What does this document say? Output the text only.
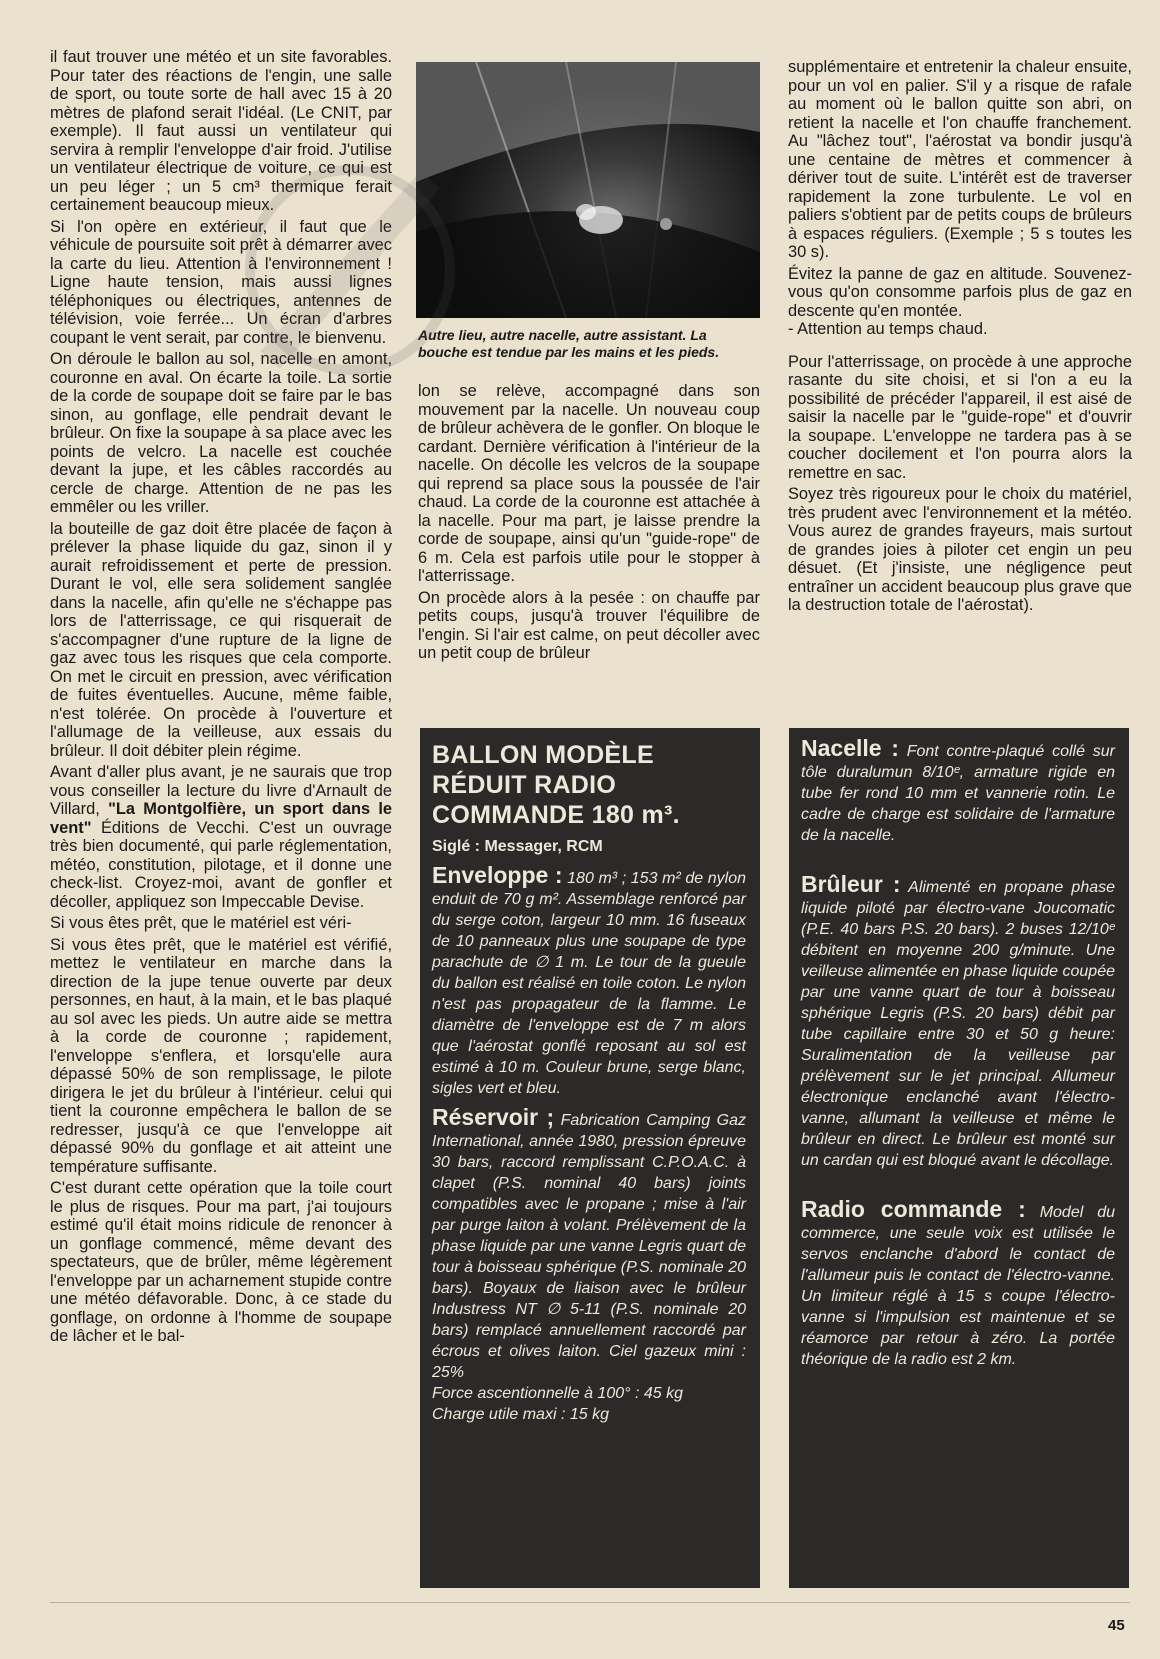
il faut trouver une météo et un site favorables. Pour tater des réactions de l'engin, une salle de sport, ou toute sorte de hall avec 15 à 20 mètres de plafond serait l'idéal. (Le CNIT, par exemple). Il faut aussi un ventilateur qui servira à remplir l'enveloppe d'air froid. J'utilise un ventilateur électrique de voiture, ce qui est un peu léger ; un 5 cm³ thermique ferait certainement beaucoup mieux.

Si l'on opère en extérieur, il faut que le véhicule de poursuite soit prêt à démarrer avec la carte du lieu. Attention à l'environnement ! Ligne haute tension, mais aussi lignes téléphoniques ou électriques, antennes de télévision, voie ferrée... Un écran d'arbres coupant le vent serait, par contre, le bienvenu.

On déroule le ballon au sol, nacelle en amont, couronne en aval. On écarte la toile. La sortie de la corde de soupape doit se faire par le bas sinon, au gonflage, elle pendrait devant le brûleur. On fixe la soupape à sa place avec les points de velcro. La nacelle est couchée devant la jupe, et les câbles raccordés au cercle de charge. Attention de ne pas les emmêler ou les vriller.

la bouteille de gaz doit être placée de façon à prélever la phase liquide du gaz, sinon il y aurait refroidissement et perte de pression. Durant le vol, elle sera solidement sanglée dans la nacelle, afin qu'elle ne s'échappe pas lors de l'atterrissage, ce qui risquerait de s'accompagner d'une rupture de la ligne de gaz avec tous les risques que cela comporte. On met le circuit en pression, avec vérification de fuites éventuelles. Aucune, même faible, n'est tolérée. On procède à l'ouverture et l'allumage de la veilleuse, aux essais du brûleur. Il doit débiter plein régime.

Avant d'aller plus avant, je ne saurais que trop vous conseiller la lecture du livre d'Arnault de Villard, "La Montgolfière, un sport dans le vent" Éditions de Vecchi. C'est un ouvrage très bien documenté, qui parle réglementation, météo, constitution, pilotage, et il donne une check-list. Croyez-moi, avant de gonfler et décoller, appliquez son Impeccable Devise.

Si vous êtes prêt, que le matériel est véri-

Si vous êtes prêt, que le matériel est vérifié, mettez le ventilateur en marche dans la direction de la jupe tenue ouverte par deux personnes, en haut, à la main, et le bas plaqué au sol avec les pieds. Un autre aide se mettra à la corde de couronne ; rapidement, l'enveloppe s'enflera, et lorsqu'elle aura dépassé 50% de son remplissage, le pilote dirigera le jet du brûleur à l'intérieur. celui qui tient la couronne empêchera le ballon de se redresser, jusqu'à ce que l'enveloppe ait dépassé 90% du gonflage et ait atteint une température suffisante.

C'est durant cette opération que la toile court le plus de risques. Pour ma part, j'ai toujours estimé qu'il était moins ridicule de renoncer à un gonflage commencé, même devant des spectateurs, que de brûler, même légèrement l'enveloppe par un acharnement stupide contre une météo défavorable. Donc, à ce stade du gonflage, on ordonne à l'homme de soupape de lâcher et le bal-

Autre lieu, autre nacelle, autre assistant. La bouche est tendue par les mains et les pieds.

lon se relève, accompagné dans son mouvement par la nacelle. Un nouveau coup de brûleur achèvera de le gonfler. On bloque le cardant. Dernière vérification à l'intérieur de la nacelle. On décolle les velcros de la soupape qui reprend sa place sous la poussée de l'air chaud. La corde de la couronne est attachée à la nacelle. Pour ma part, je laisse prendre la corde de soupape, ainsi qu'un "guide-rope" de 6 m. Cela est parfois utile pour le stopper à l'atterrissage.

On procède alors à la pesée : on chauffe par petits coups, jusqu'à trouver l'équilibre de l'engin. Si l'air est calme, on peut décoller avec un petit coup de brûleur

supplémentaire et entretenir la chaleur ensuite, pour un vol en palier. S'il y a risque de rafale au moment où le ballon quitte son abri, on retient la nacelle et l'on chauffe franchement. Au "lâchez tout", l'aérostat va bondir jusqu'à une centaine de mètres et commencer à dériver tout de suite. L'intérêt est de traverser rapidement la zone turbulente. Le vol en paliers s'obtient par de petits coups de brûleurs à espaces réguliers. (Exemple ; 5 s toutes les 30 s).

Évitez la panne de gaz en altitude. Souvenez-vous qu'on consomme parfois plus de gaz en descente qu'en montée.

- Attention au temps chaud.

Pour l'atterrissage, on procède à une approche rasante du site choisi, et si l'on a eu la possibilité de précéder l'appareil, il est aisé de saisir la nacelle par le "guide-rope" et d'ouvrir la soupape. L'enveloppe ne tardera pas à se coucher docilement et l'on pourra alors la remettre en sac.

Soyez très rigoureux pour le choix du matériel, très prudent avec l'environnement et la météo. Vous aurez de grandes frayeurs, mais surtout de grandes joies à piloter cet engin un peu désuet. (Et j'insiste, une négligence peut entraîner un accident beaucoup plus grave que la destruction totale de l'aérostat).

BALLON MODÈLE
RÉDUIT RADIO
COMMANDE 180 m³.
Siglé : Messager, RCM

Enveloppe : 180 m³ ; 153 m² de nylon enduit de 70 g m². Assemblage renforcé par du serge coton, largeur 10 mm. 16 fuseaux de 10 panneaux plus une soupape de type parachute de ∅ 1 m. Le tour de la gueule du ballon est réalisé en toile coton. Le nylon n'est pas propagateur de la flamme. Le diamètre de l'enveloppe est de 7 m alors que l'aérostat gonflé reposant au sol est estimé à 10 m. Couleur brune, serge blanc, sigles vert et bleu.

Réservoir ; Fabrication Camping Gaz International, année 1980, pression épreuve 30 bars, raccord remplissant C.P.O.A.C. à clapet (P.S. nominal 40 bars) joints compatibles avec le propane ; mise à l'air par purge laiton à volant. Prélèvement de la phase liquide par une vanne Legris quart de tour à boisseau sphérique (P.S. nominale 20 bars). Boyaux de liaison avec le brûleur Industress NT ∅ 5-11 (P.S. nominale 20 bars) remplacé annuellement raccordé par écrous et olives laiton. Ciel gazeux mini : 25%

Force ascentionnelle à 100° : 45 kg
Charge utile maxi : 15 kg

Nacelle : Font contre-plaqué collé sur tôle duralumun 8/10ᵉ, armature rigide en tube fer rond 10 mm et vannerie rotin. Le cadre de charge est solidaire de l'armature de la nacelle.

Brûleur : Alimenté en propane phase liquide piloté par électro-vane Joucomatic (P.E. 40 bars P.S. 20 bars). 2 buses 12/10ᵉ débitent en moyenne 200 g/minute. Une veilleuse alimentée en phase liquide coupée par une vanne quart de tour à boisseau sphérique Legris (P.S. 20 bars) débit par tube capillaire entre 30 et 50 g heure: Suralimentation de la veilleuse par prélèvement sur le jet principal. Allumeur électronique enclanché avant l'électro-vanne, allumant la veilleuse et même le brûleur en direct. Le brûleur est monté sur un cardan qui est bloqué avant le décollage.

Radio commande : Model du commerce, une seule voix est utilisée le servos enclanche d'abord le contact de l'allumeur puis le contact de l'électro-vanne. Un limiteur réglé à 15 s coupe l'électro-vanne si l'impulsion est maintenue et se réamorce par retour à zéro. La portée théorique de la radio est 2 km.

45
